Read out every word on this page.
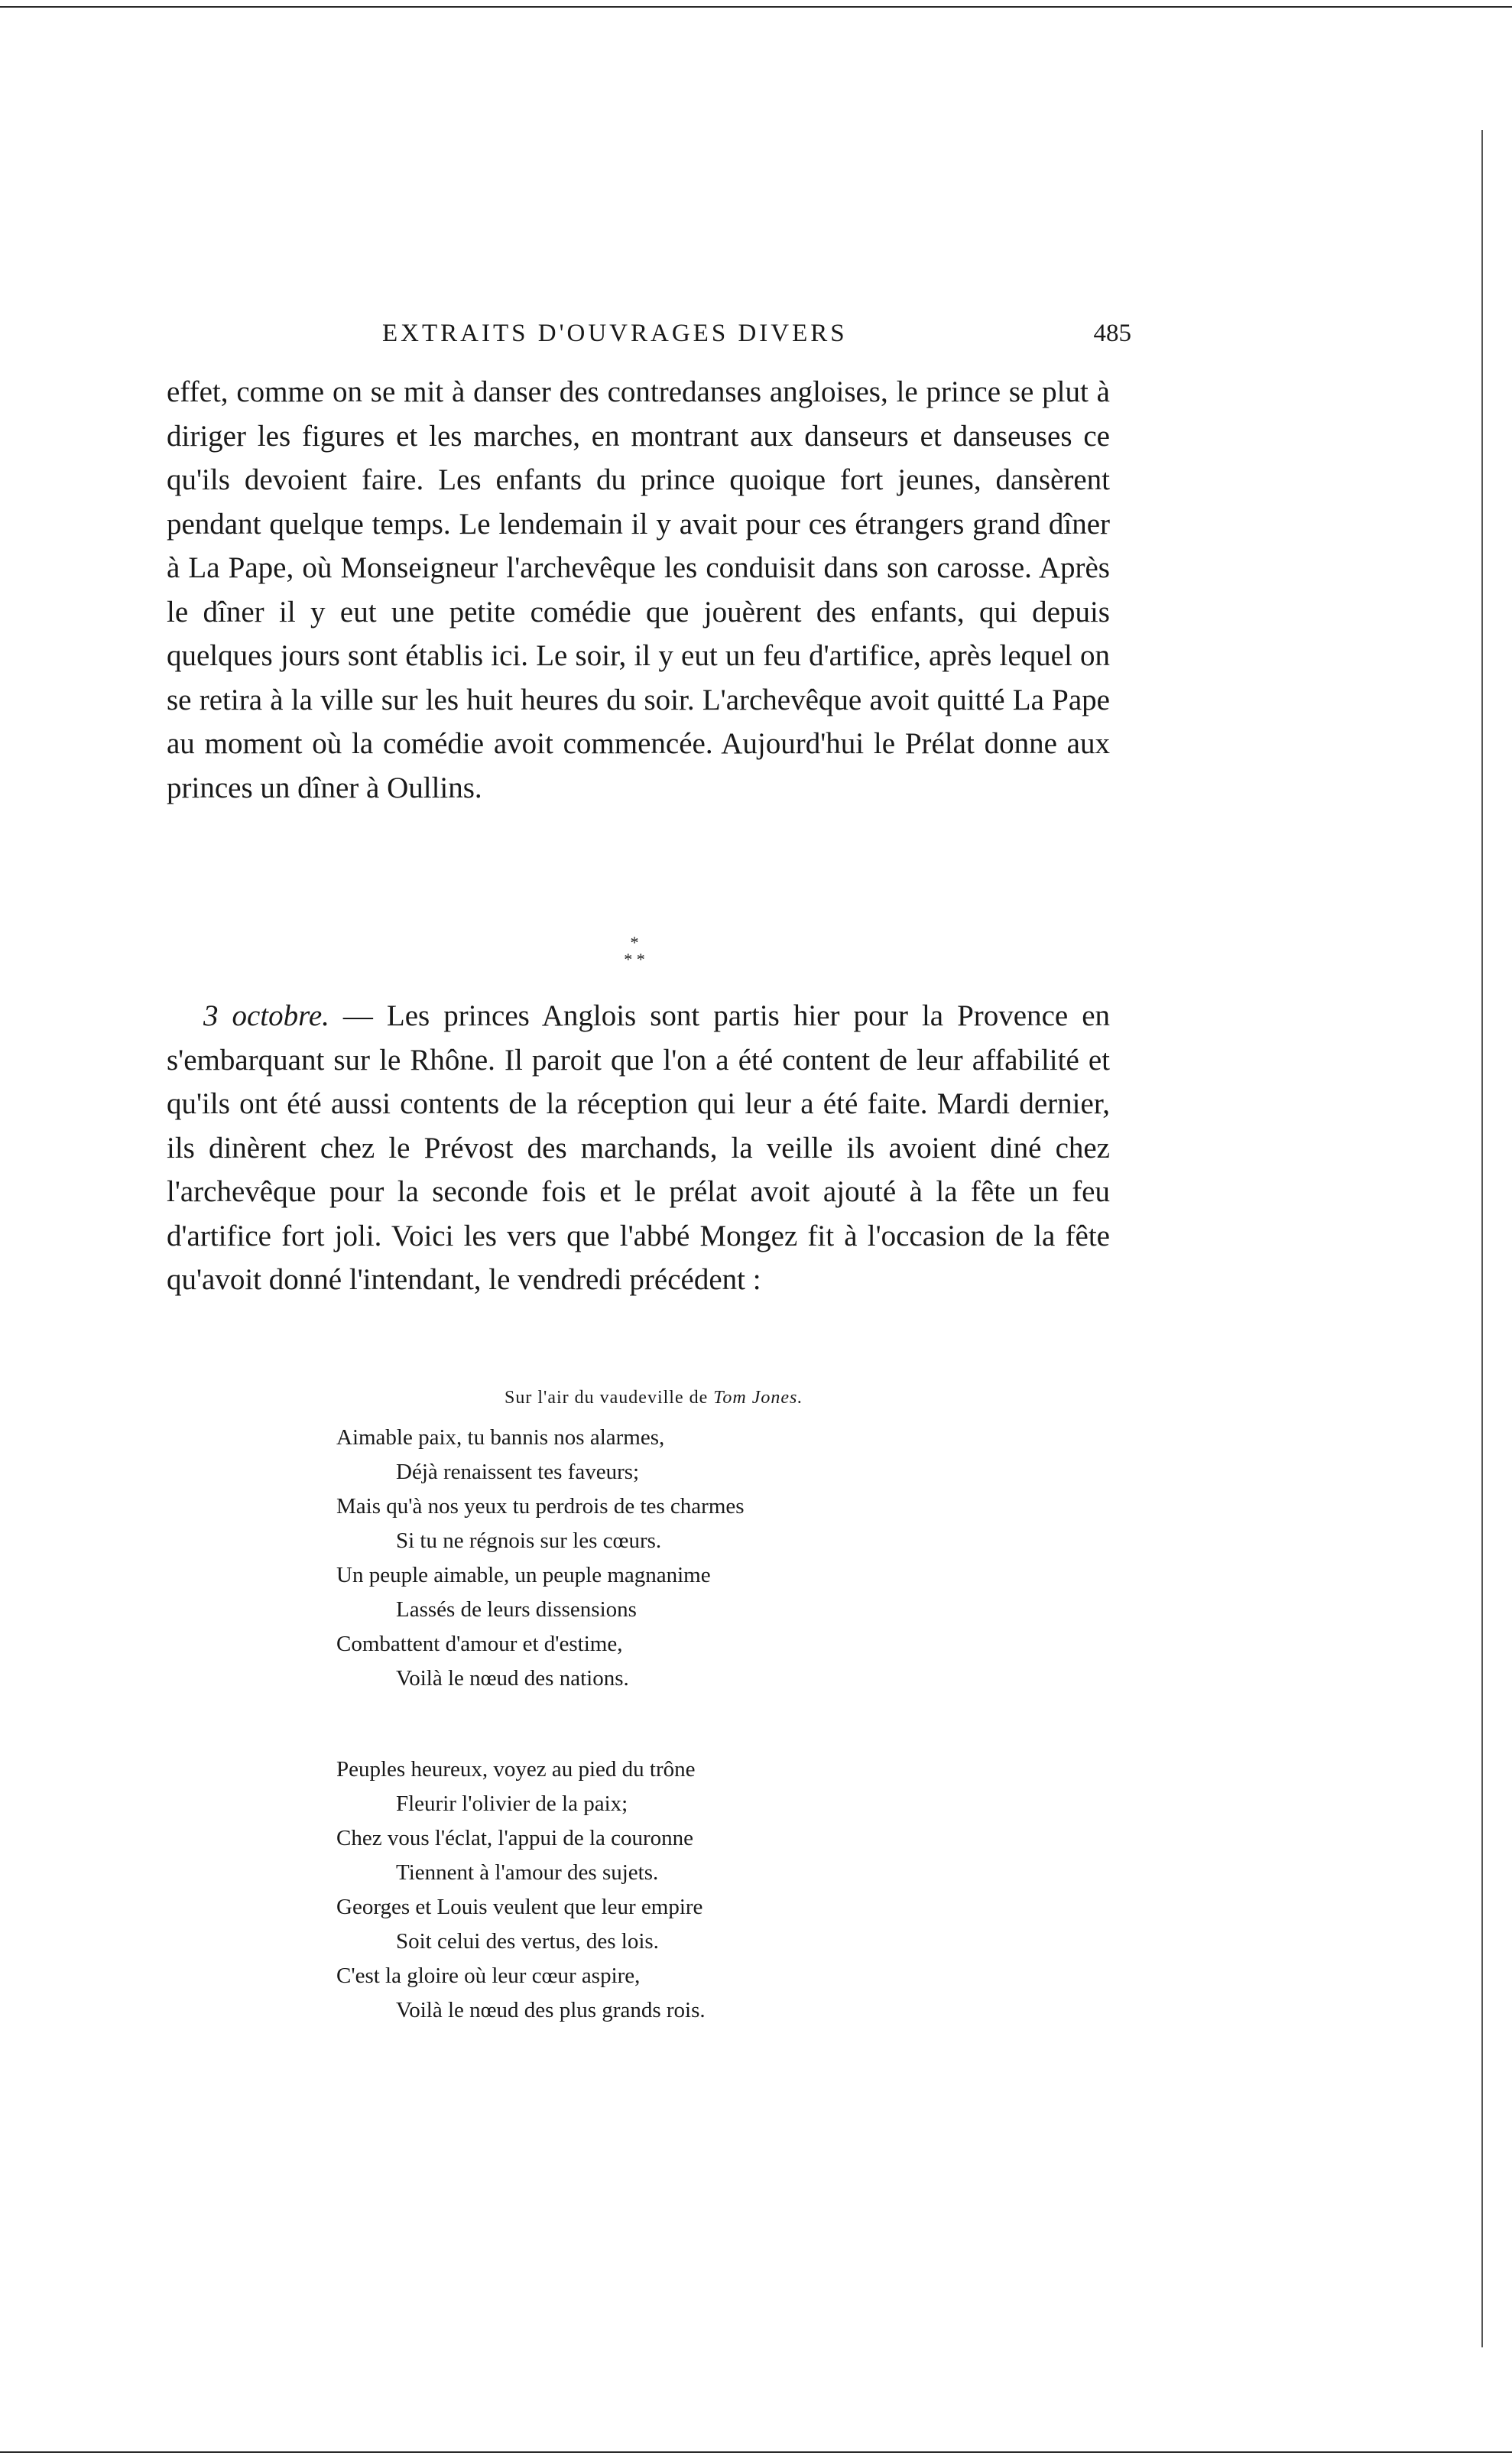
EXTRAITS D'OUVRAGES DIVERS	485

effet, comme on se mit à danser des contredanses angloises, le prince se plut à diriger les figures et les marches, en montrant aux danseurs et danseuses ce qu'ils devoient faire. Les enfants du prince quoique fort jeunes, dansèrent pendant quelque temps. Le lendemain il y avait pour ces étrangers grand dîner à La Pape, où Monseigneur l'archevêque les conduisit dans son carosse. Après le dîner il y eut une petite comédie que jouèrent des enfants, qui depuis quelques jours sont établis ici. Le soir, il y eut un feu d'artifice, après lequel on se retira à la ville sur les huit heures du soir. L'archevêque avoit quitté La Pape au moment où la comédie avoit commencée. Aujourd'hui le Prélat donne aux princes un dîner à Oullins.

*
* *
3 octobre. — Les princes Anglois sont partis hier pour la Provence en s'embarquant sur le Rhône. Il paroit que l'on a été content de leur affabilité et qu'ils ont été aussi contents de la réception qui leur a été faite. Mardi dernier, ils dinèrent chez le Prévost des marchands, la veille ils avoient diné chez l'archevêque pour la seconde fois et le prélat avoit ajouté à la fête un feu d'artifice fort joli. Voici les vers que l'abbé Mongez fit à l'occasion de la fête qu'avoit donné l'intendant, le vendredi précédent :
Sur l'air du vaudeville de Tom Jones.
Aimable paix, tu bannis nos alarmes,
Déjà renaissent tes faveurs;
Mais qu'à nos yeux tu perdrois de tes charmes
Si tu ne régnois sur les cœurs.
Un peuple aimable, un peuple magnanime
Lassés de leurs dissensions
Combattent d'amour et d'estime,
Voilà le nœud des nations.
Peuples heureux, voyez au pied du trône
Fleurir l'olivier de la paix;
Chez vous l'éclat, l'appui de la couronne
Tiennent à l'amour des sujets.
Georges et Louis veulent que leur empire
Soit celui des vertus, des lois.
C'est la gloire où leur cœur aspire,
Voilà le nœud des plus grands rois.
